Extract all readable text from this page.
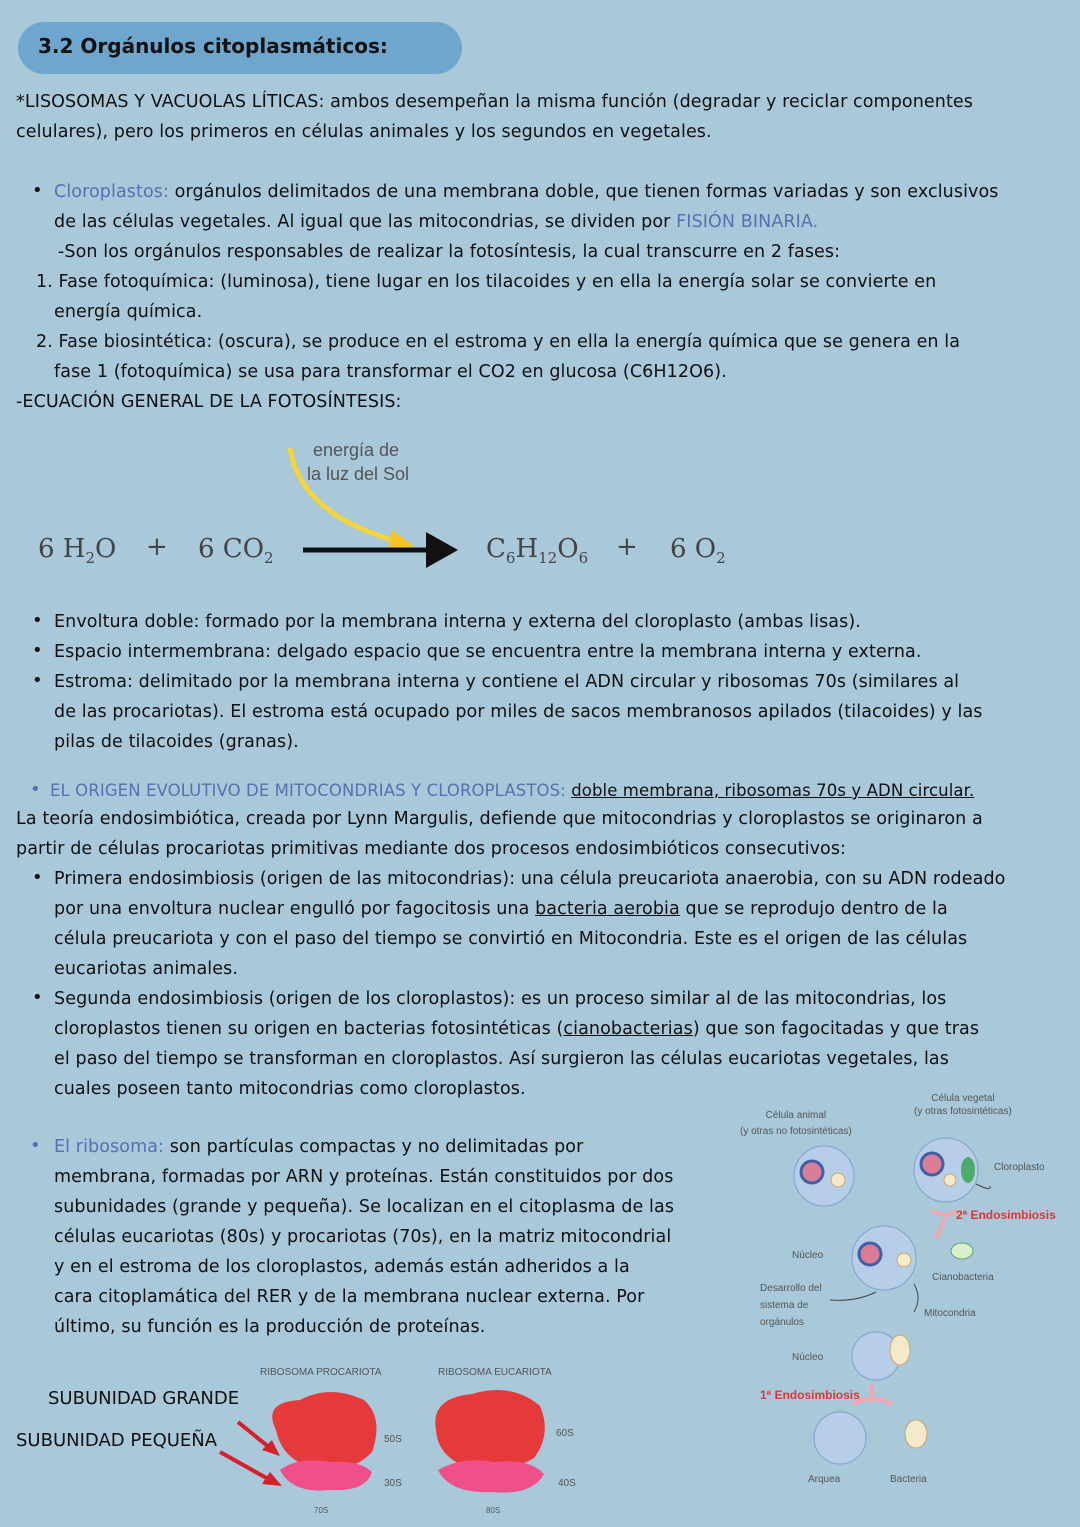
3.2 Orgánulos citoplasmáticos:
*LISOSOMAS Y VACUOLAS LÍTICAS: ambos desempeñan la misma función (degradar y reciclar componentes
celulares), pero los primeros en células animales y los segundos en vegetales.
• Cloroplastos: orgánulos delimitados de una membrana doble, que tienen formas variadas y son exclusivos
de las células vegetales. Al igual que las mitocondrias, se dividen por FISIÓN BINARIA.
-Son los orgánulos responsables de realizar la fotosíntesis, la cual transcurre en 2 fases:
1. Fase fotoquímica: (luminosa), tiene lugar en los tilacoides y en ella la energía solar se convierte en
energía química.
2. Fase biosintética: (oscura), se produce en el estroma y en ella la energía química que se genera en la
fase 1 (fotoquímica) se usa para transformar el CO2 en glucosa (C6H12O6).
-ECUACIÓN GENERAL DE LA FOTOSÍNTESIS:
energía de
la luz del Sol
6 $H_2O + 6$ $CO_2$	$C_6H_{12}O_6 + 6$ $O_2$
• Envoltura doble: formado por la membrana interna y externa del cloroplasto (ambas lisas).
• Espacio intermembrana: delgado espacio que se encuentra entre la membrana interna y externa.
• Estroma: delimitado por la membrana interna y contiene el ADN circular y ribosomas 70s (similares al
de las procariotas). El estroma está ocupado por miles de sacos membranosos apilados (tilacoides) y las
pilas de tilacoides (granas).
• EL ORIGEN EVOLUTIVO DE MITOCONDRIAS Y CLOROPLASTOS: doble membrana, ribosomas 70s y ADN circular.
La teoría endosimbiótica, creada por Lynn Margulis, defiende que mitocondrias y cloroplastos se originaron a
partir de células procariotas primitivas mediante dos procesos endosimbióticos consecutivos:
• Primera endosimbiosis (origen de las mitocondrias): una célula preucariota anaerobia, con su ADN rodeado
por una envoltura nuclear engulló por fagocitosis una bacteria aerobia que se reprodujo dentro de la
célula preucariota y con el paso del tiempo se convirtió en Mitocondria. Este es el origen de las células
eucariotas animales.
• Segunda endosimbiosis (origen de los cloroplastos): es un proceso similar al de las mitocondrias, los
cloroplastos tienen su origen en bacterias fotosintéticas (cianobacterias) que son fagocitadas y que tras
el paso del tiempo se transforman en cloroplastos. Así surgieron las células eucariotas vegetales, las
cuales poseen tanto mitocondrias como cloroplastos.
• El ribosoma: son partículas compactas y no delimitadas por
membrana, formadas por ARN y proteínas. Están constituidos por dos
subunidades (grande y pequeña). Se localizan en el citoplasma de las
células eucariotas (80s) y procariotas (70s), en la matriz mitocondrial
y en el estroma de los cloroplastos, además están adheridos a la
cara citoplamática del RER y de la membrana nuclear externa. Por
último, su función es la producción de proteínas.
SUBUNIDAD GRANDE
SUBUNIDAD PEQUEÑA
RIBOSOMA PROCARIOTA	RIBOSOMA EUCARIOTA
50S
30S
70S
60S
40S
80S
Célula vegetal
(y otras fotosintéticas)
Célula animal
(y otras no fotosintéticas)
Cloroplasto
2ª Endosimbiosis
Núcleo
Cianobacteria
Desarrollo del
sistema de
orgánulos
Mitocondria
Núcleo
1ª Endosimbiosis
Arquea	Bacteria
